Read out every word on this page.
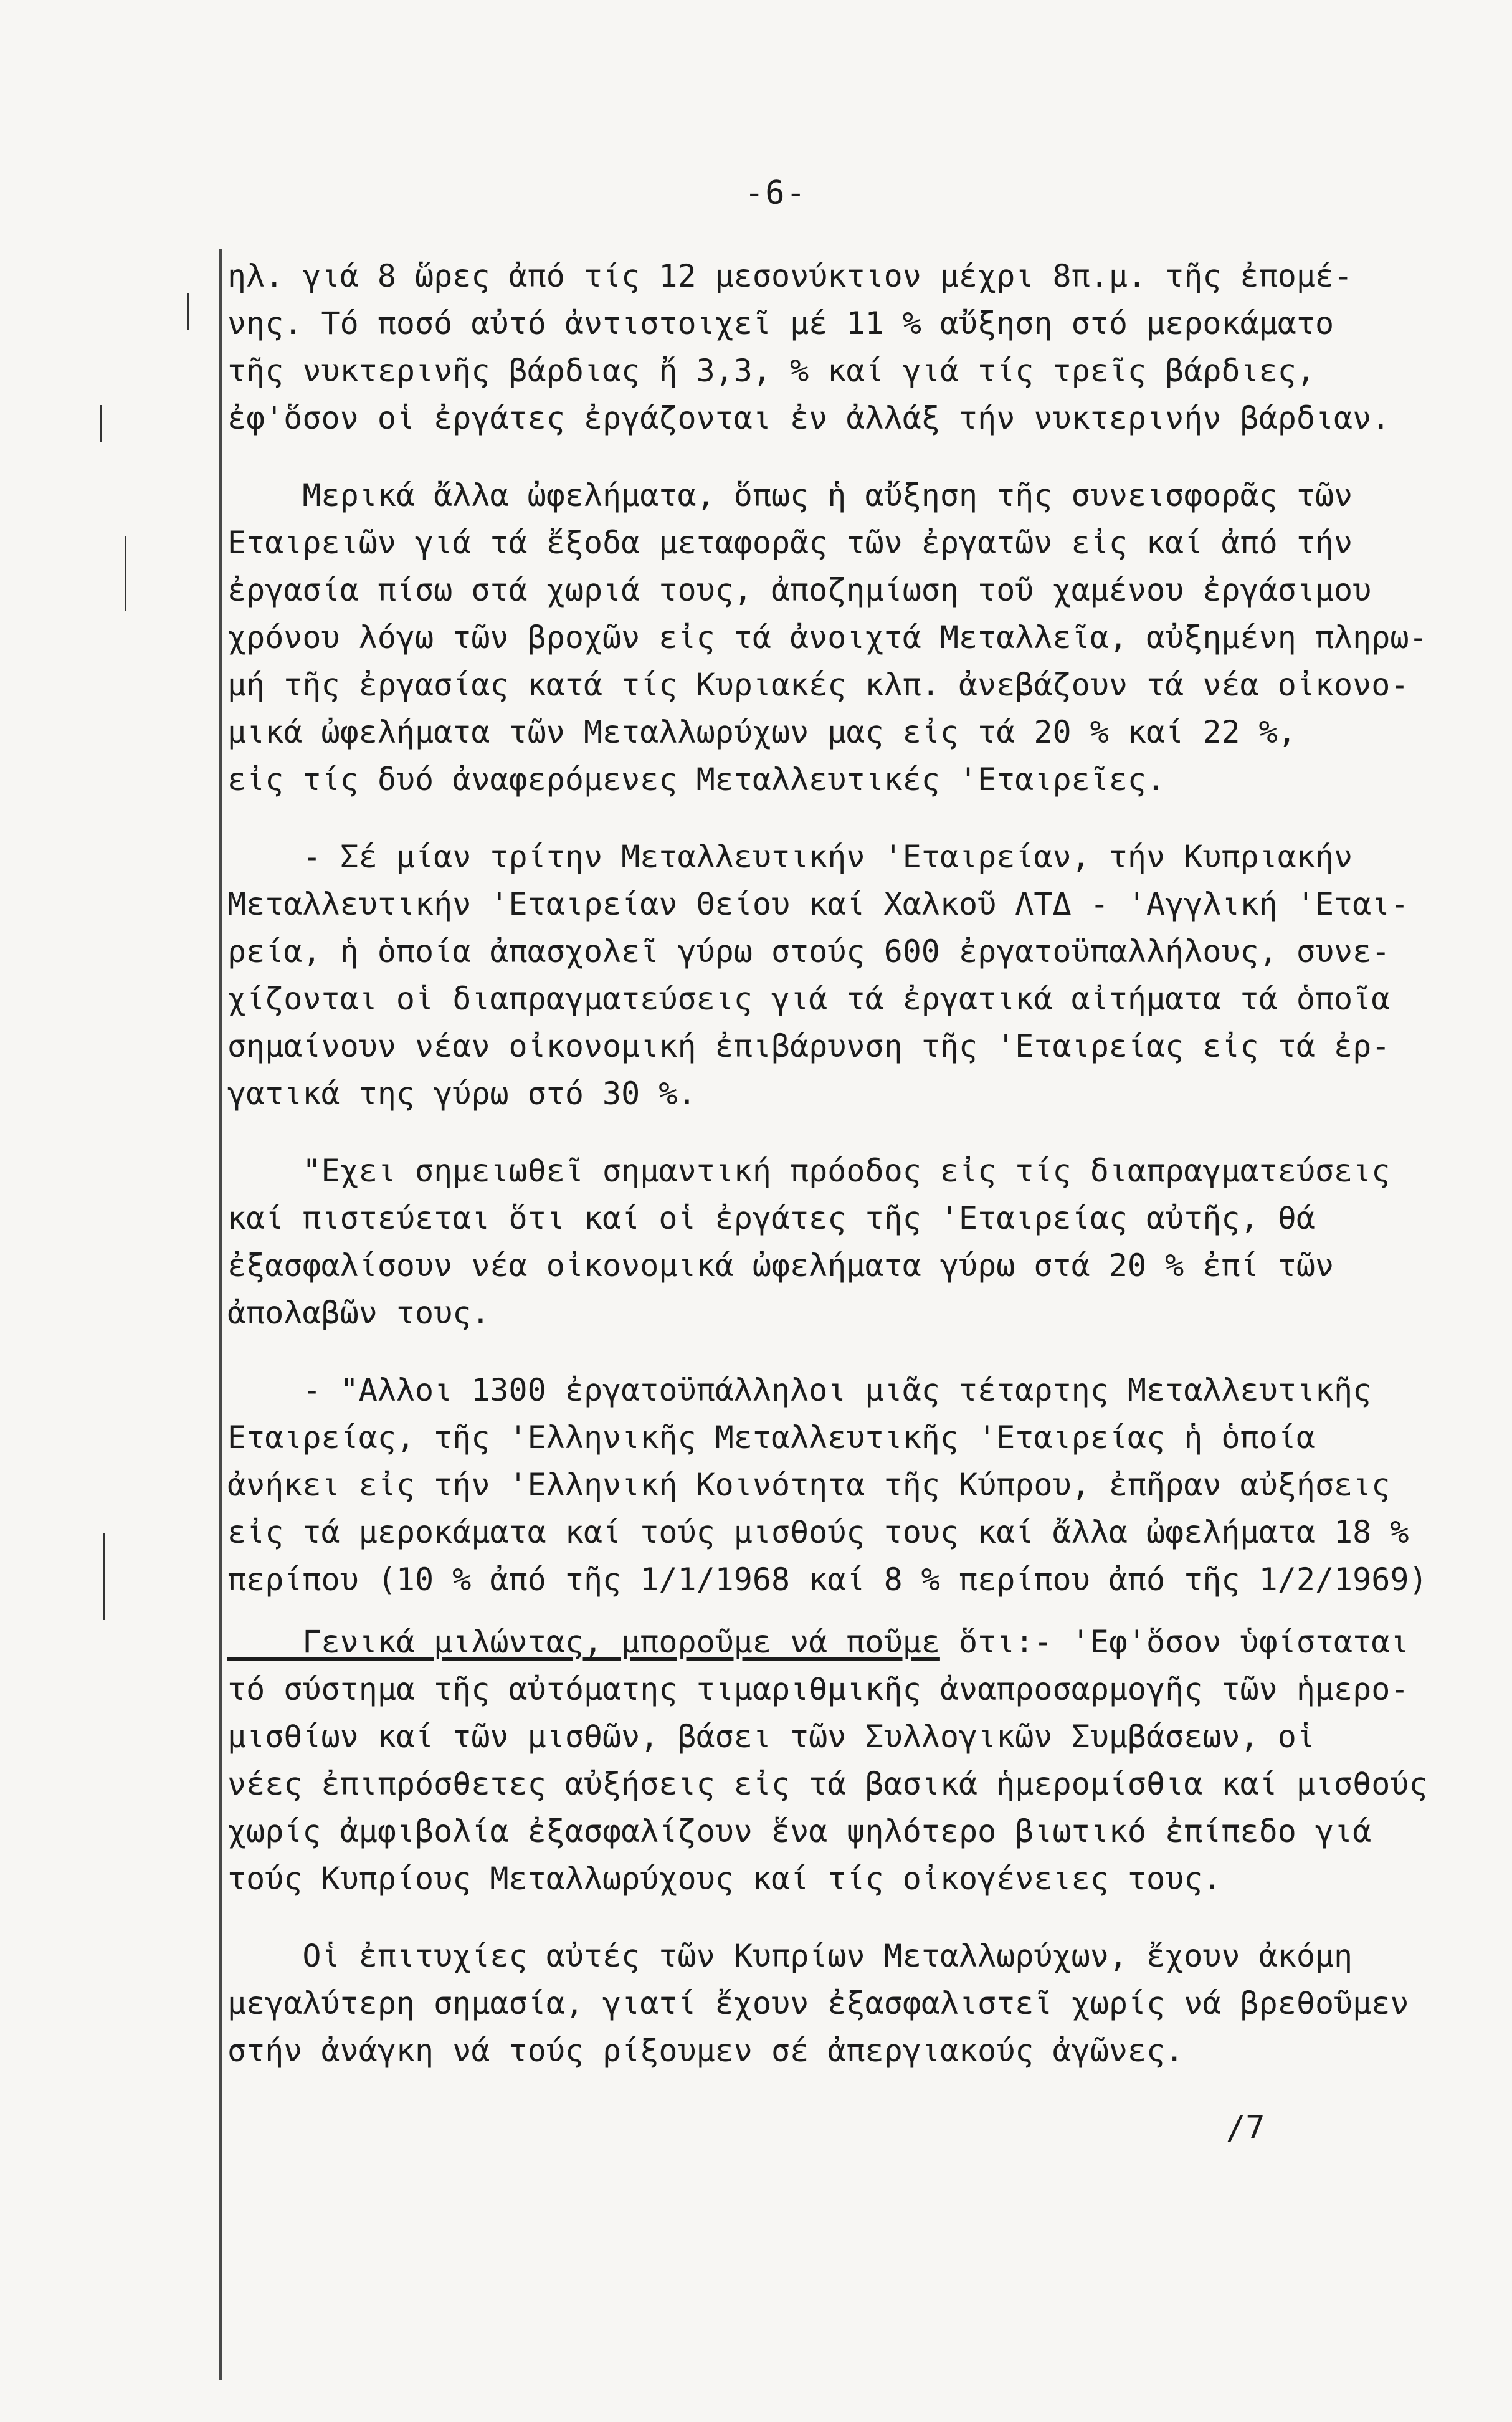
-6-
ηλ. γιά 8 ὥρες ἀπό τίς 12 μεσονύκτιον μέχρι 8π.μ. τῆς ἐπομέ-
νης. Τό ποσό αὐτό ἀντιστοιχεῖ μέ 11 % αὔξηση στό μεροκάματο
τῆς νυκτερινῆς βάρδιας ἤ 3,3, % καί γιά τίς τρεῖς βάρδιες,
ἐφ'ὅσον οἱ ἐργάτες ἐργάζονται ἐν ἀλλάξ τήν νυκτερινήν βάρδιαν.
Μερικά ἄλλα ὠφελήματα, ὅπως ἡ αὔξηση τῆς συνεισφορᾶς τῶν
Εταιρειῶν γιά τά ἔξοδα μεταφορᾶς τῶν ἐργατῶν εἰς καί ἀπό τήν
ἐργασία πίσω στά χωριά τους, ἀποζημίωση τοῦ χαμένου ἐργάσιμου
χρόνου λόγω τῶν βροχῶν εἰς τά ἀνοιχτά Μεταλλεῖα, αὐξημένη πληρω-
μή τῆς ἐργασίας κατά τίς Κυριακές κλπ. ἀνεβάζουν τά νέα οἰκονο-
μικά ὠφελήματα τῶν Μεταλλωρύχων μας εἰς τά 20 % καί 22 %,
εἰς τίς δυό ἀναφερόμενες Μεταλλευτικές 'Εταιρεῖες.
- Σέ μίαν τρίτην Μεταλλευτικήν 'Εταιρείαν, τήν Κυπριακήν
Μεταλλευτικήν 'Εταιρείαν Θείου καί Χαλκοῦ ΛΤΔ - 'Αγγλική 'Εται-
ρεία, ἡ ὁποία ἀπασχολεῖ γύρω στούς 600 ἐργατοϋπαλλήλους, συνε-
χίζονται οἱ διαπραγματεύσεις γιά τά ἐργατικά αἰτήματα τά ὁποῖα
σημαίνουν νέαν οἰκονομική ἐπιβάρυνση τῆς 'Εταιρείας εἰς τά ἐρ-
γατικά της γύρω στό 30 %.
"Εχει σημειωθεῖ σημαντική πρόοδος εἰς τίς διαπραγματεύσεις
καί πιστεύεται ὅτι καί οἱ ἐργάτες τῆς 'Εταιρείας αὐτῆς, θά
ἐξασφαλίσουν νέα οἰκονομικά ὠφελήματα γύρω στά 20 % ἐπί τῶν
ἀπολαβῶν τους.
- "Αλλοι 1300 ἐργατοϋπάλληλοι μιᾶς τέταρτης Μεταλλευτικῆς
Εταιρείας, τῆς 'Ελληνικῆς Μεταλλευτικῆς 'Εταιρείας ἡ ὁποία
ἀνήκει εἰς τήν 'Ελληνική Κοινότητα τῆς Κύπρου, ἐπῆραν αὐξήσεις
εἰς τά μεροκάματα καί τούς μισθούς τους καί ἄλλα ὠφελήματα 18 %
περίπου (10 % ἀπό τῆς 1/1/1968 καί 8 % περίπου ἀπό τῆς 1/2/1969)
Γενικά μιλώντας, μποροῦμε νά ποῦμε ὅτι:- 'Εφ'ὅσον ὑφίσταται
τό σύστημα τῆς αὐτόματης τιμαριθμικῆς ἀναπροσαρμογῆς τῶν ἡμερο-
μισθίων καί τῶν μισθῶν, βάσει τῶν Συλλογικῶν Συμβάσεων, οἱ
νέες ἐπιπρόσθετες αὐξήσεις εἰς τά βασικά ἡμερομίσθια καί μισθούς
χωρίς ἀμφιβολία ἐξασφαλίζουν ἕνα ψηλότερο βιωτικό ἐπίπεδο γιά
τούς Κυπρίους Μεταλλωρύχους καί τίς οἰκογένειες τους.
Οἱ ἐπιτυχίες αὐτές τῶν Κυπρίων Μεταλλωρύχων, ἔχουν ἀκόμη
μεγαλύτερη σημασία, γιατί ἔχουν ἐξασφαλιστεῖ χωρίς νά βρεθοῦμεν
στήν ἀνάγκη νά τούς ρίξουμεν σέ ἀπεργιακούς ἀγῶνες.
/7
